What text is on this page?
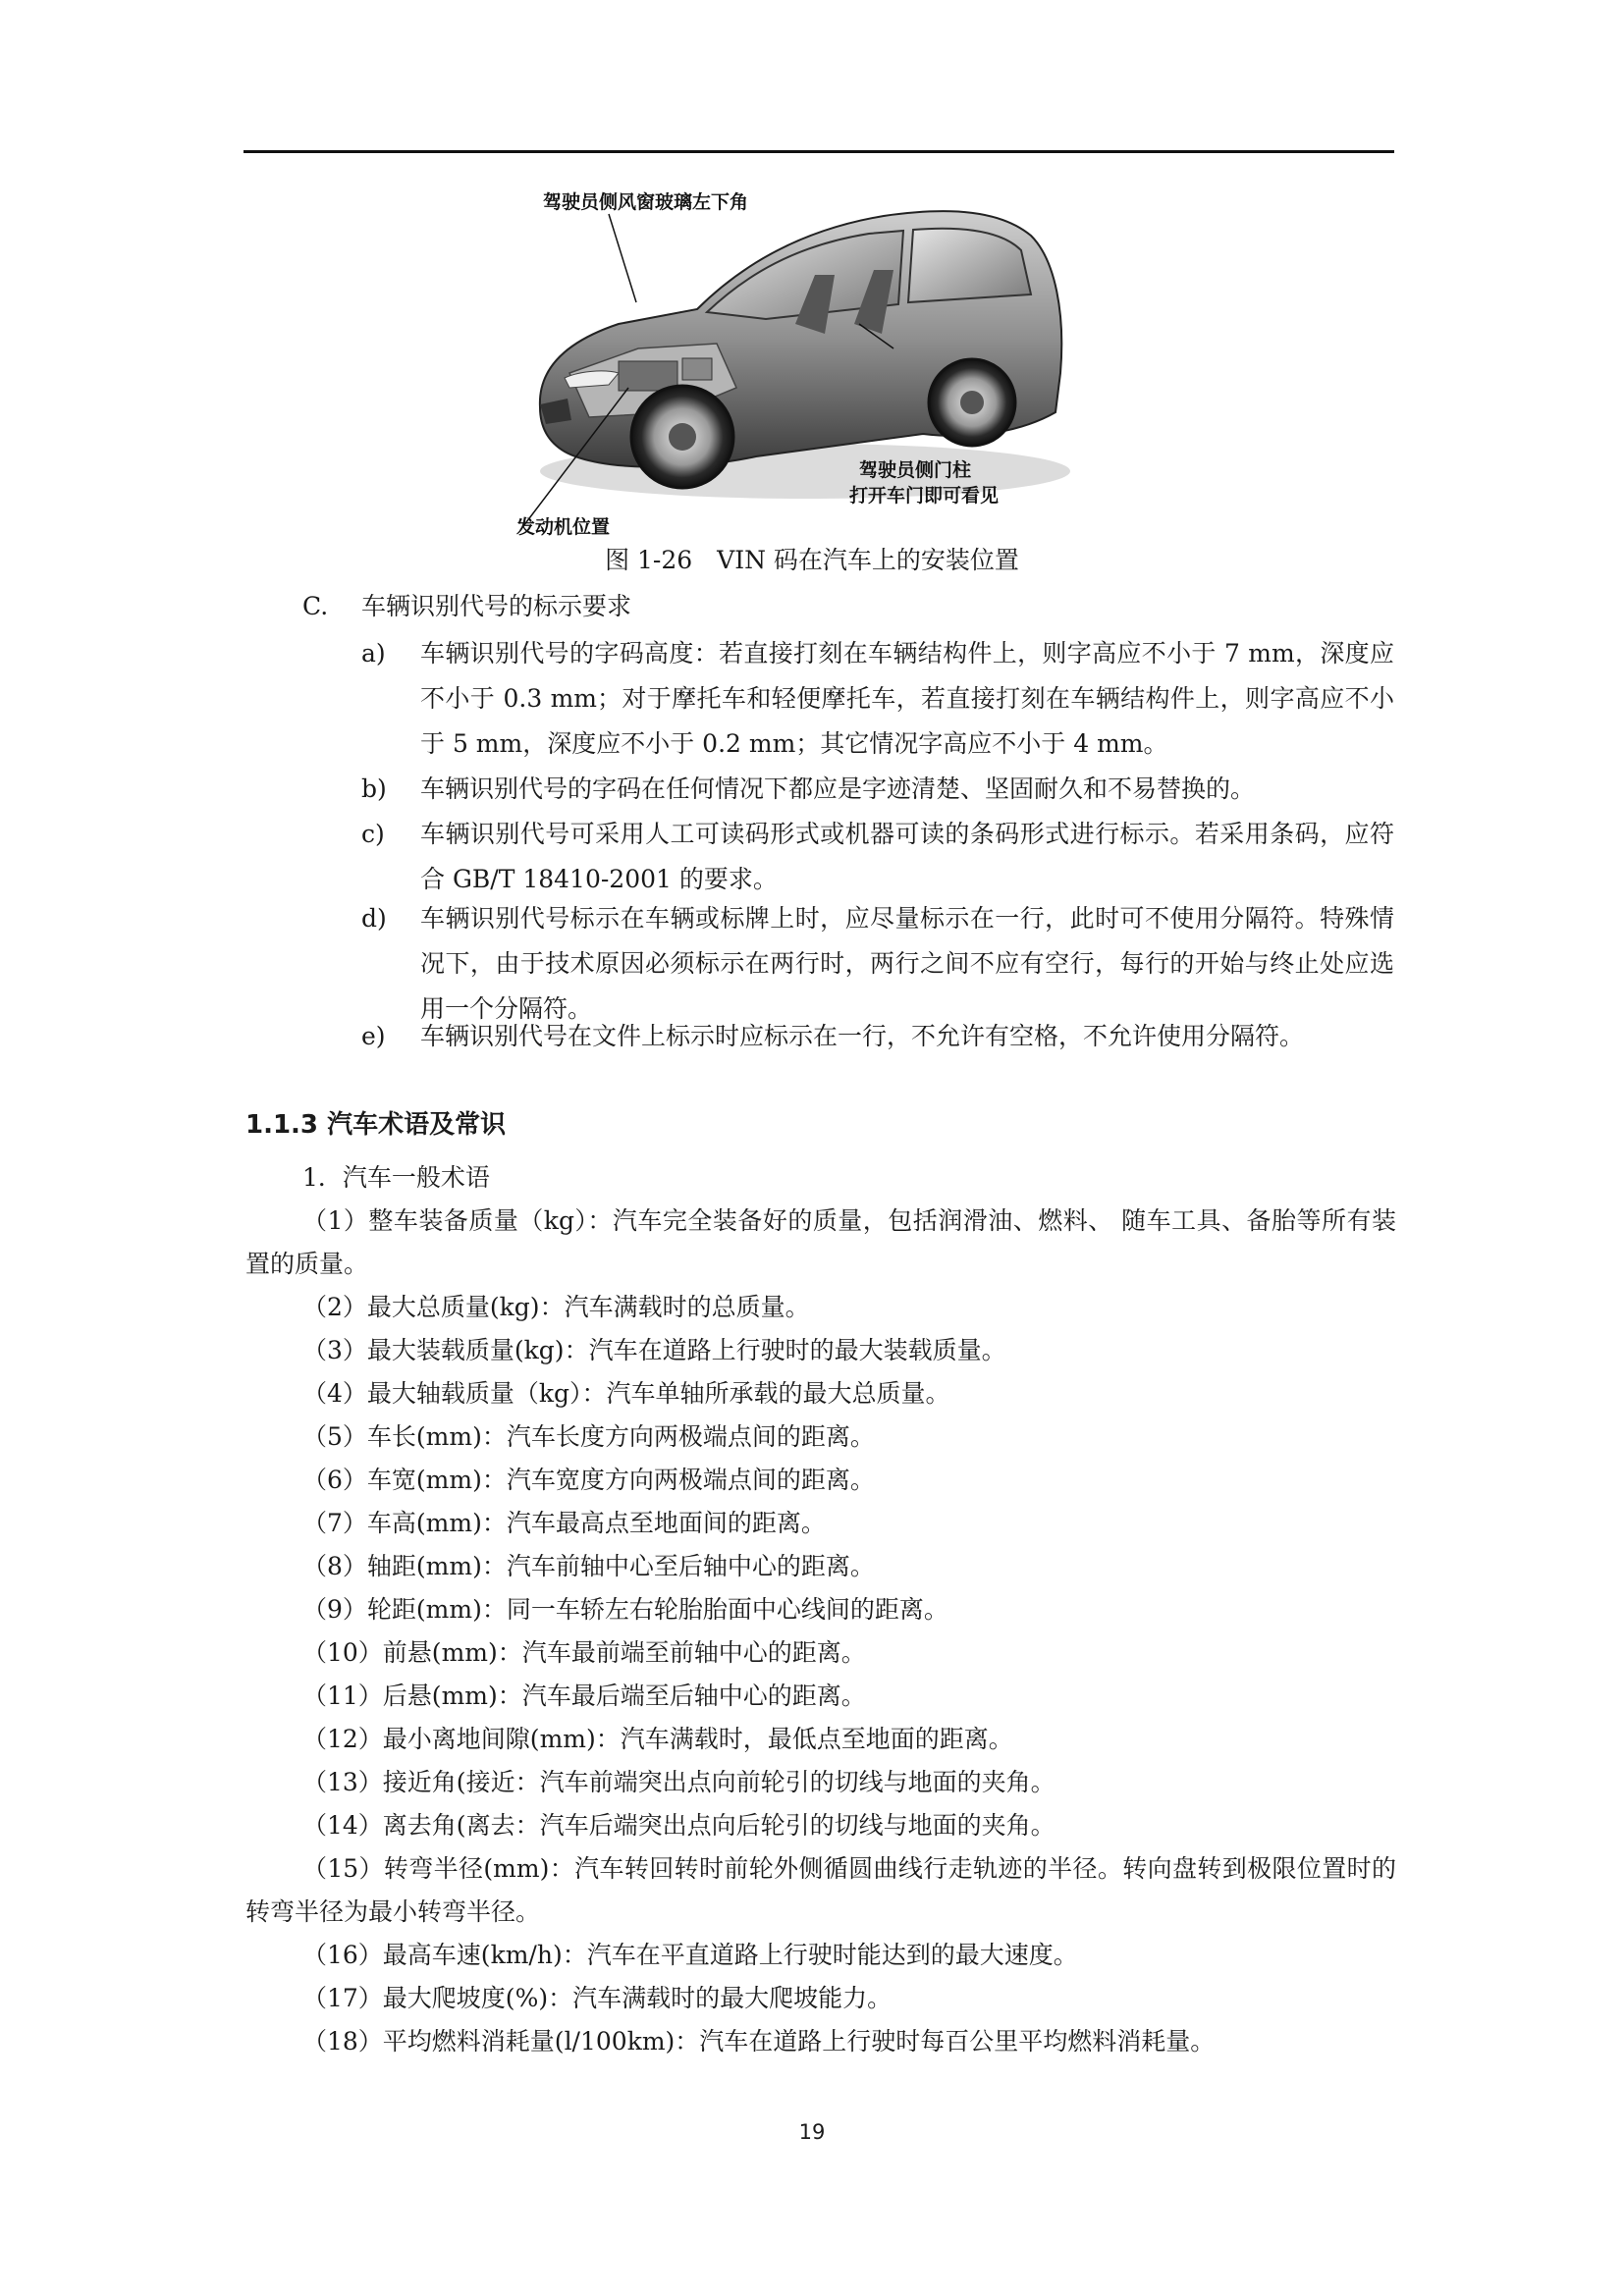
驾驶员侧风窗玻璃左下角
驾驶员侧门柱
打开车门即可看见
发动机位置
图 1-26　VIN 码在汽车上的安装位置
C. 车辆识别代号的标示要求
a) 车辆识别代号的字码高度：若直接打刻在车辆结构件上，则字高应不小于 7 mm，深度应不小于 0.3 mm；对于摩托车和轻便摩托车，若直接打刻在车辆结构件上，则字高应不小于 5 mm，深度应不小于 0.2 mm；其它情况字高应不小于 4 mm。
b) 车辆识别代号的字码在任何情况下都应是字迹清楚、坚固耐久和不易替换的。
c) 车辆识别代号可采用人工可读码形式或机器可读的条码形式进行标示。若采用条码，应符合 GB/T 18410-2001 的要求。
d) 车辆识别代号标示在车辆或标牌上时，应尽量标示在一行，此时可不使用分隔符。特殊情况下，由于技术原因必须标示在两行时，两行之间不应有空行，每行的开始与终止处应选用一个分隔符。
e) 车辆识别代号在文件上标示时应标示在一行，不允许有空格，不允许使用分隔符。
1.1.3 汽车术语及常识

1．汽车一般术语

（1）整车装备质量（kg）：汽车完全装备好的质量，包括润滑油、燃料、 随车工具、备胎等所有装置的质量。

（2）最大总质量(kg)：汽车满载时的总质量。

（3）最大装载质量(kg)：汽车在道路上行驶时的最大装载质量。

（4）最大轴载质量（kg）：汽车单轴所承载的最大总质量。

（5）车长(mm)：汽车长度方向两极端点间的距离。

（6）车宽(mm)：汽车宽度方向两极端点间的距离。

（7）车高(mm)：汽车最高点至地面间的距离。

（8）轴距(mm)：汽车前轴中心至后轴中心的距离。

（9）轮距(mm)：同一车轿左右轮胎胎面中心线间的距离。

（10）前悬(mm)：汽车最前端至前轴中心的距离。

（11）后悬(mm)：汽车最后端至后轴中心的距离。

（12）最小离地间隙(mm)：汽车满载时，最低点至地面的距离。

（13）接近角(接近：汽车前端突出点向前轮引的切线与地面的夹角。

（14）离去角(离去：汽车后端突出点向后轮引的切线与地面的夹角。

（15）转弯半径(mm)：汽车转回转时前轮外侧循圆曲线行走轨迹的半径。转向盘转到极限位置时的转弯半径为最小转弯半径。

（16）最高车速(km/h)：汽车在平直道路上行驶时能达到的最大速度。

（17）最大爬坡度(%)：汽车满载时的最大爬坡能力。

（18）平均燃料消耗量(l/100km)：汽车在道路上行驶时每百公里平均燃料消耗量。

19
